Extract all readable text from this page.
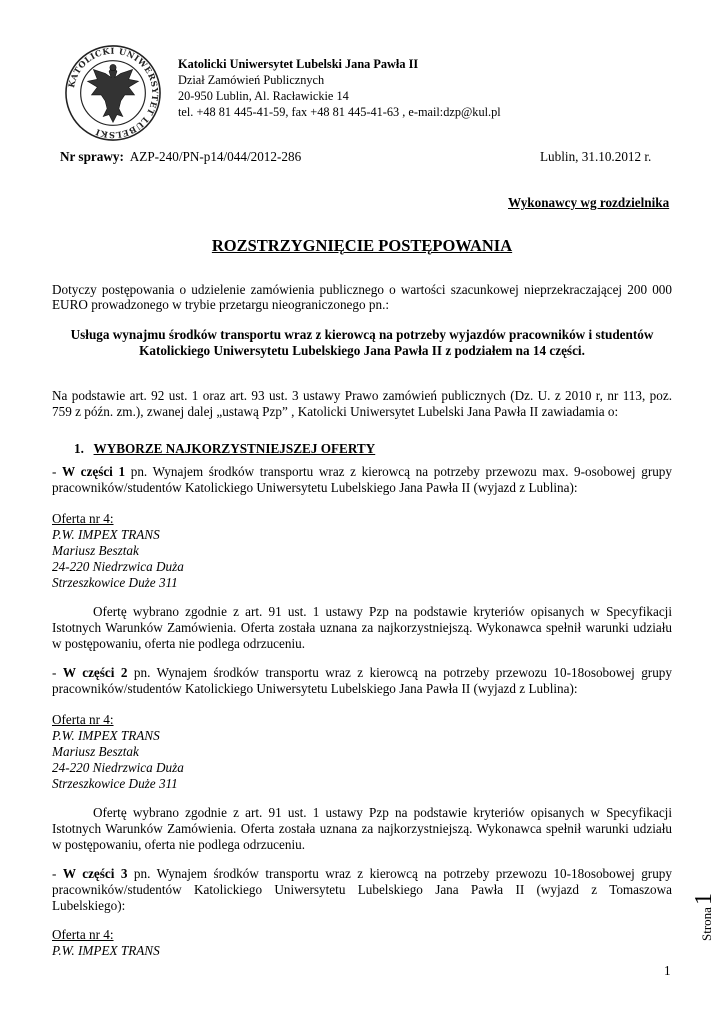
KATOLICKI UNIWERSYTET LUBELSKI
Katolicki Uniwersytet Lubelski Jana Pawła II
Dział Zamówień Publicznych
20-950 Lublin, Al. Racławickie 14
tel. +48 81 445-41-59, fax +48 81 445-41-63 , e-mail:dzp@kul.pl
Nr sprawy: AZP-240/PN-p14/044/2012-286	Lublin, 31.10.2012 r.
Wykonawcy wg rozdzielnika
ROZSTRZYGNIĘCIE POSTĘPOWANIA
Dotyczy postępowania o udzielenie zamówienia publicznego o wartości szacunkowej nieprzekraczającej 200 000
EURO prowadzonego w trybie przetargu nieograniczonego pn.:
Usługa wynajmu środków transportu wraz z kierowcą na potrzeby wyjazdów pracowników i studentów
Katolickiego Uniwersytetu Lubelskiego Jana Pawła II z podziałem na 14 części.
Na podstawie art. 92 ust. 1 oraz art. 93 ust. 3 ustawy Prawo zamówień publicznych (Dz. U. z 2010 r, nr 113, poz.
759 z późn. zm.), zwanej dalej „ustawą Pzp” , Katolicki Uniwersytet Lubelski Jana Pawła II zawiadamia o:
1. WYBORZE NAJKORZYSTNIEJSZEJ OFERTY
- W części 1 pn. Wynajem środków transportu wraz z kierowcą na potrzeby przewozu max. 9-osobowej grupy
pracowników/studentów Katolickiego Uniwersytetu Lubelskiego Jana Pawła II (wyjazd z Lublina):
Oferta nr 4:
P.W. IMPEX TRANS
Mariusz Besztak
24-220 Niedrzwica Duża
Strzeszkowice Duże 311
Ofertę wybrano zgodnie z art. 91 ust. 1 ustawy Pzp na podstawie kryteriów opisanych w Specyfikacji
Istotnych Warunków Zamówienia. Oferta została uznana za najkorzystniejszą. Wykonawca spełnił warunki udziału
w postępowaniu, oferta nie podlega odrzuceniu.
- W części 2 pn. Wynajem środków transportu wraz z kierowcą na potrzeby przewozu 10-18osobowej grupy
pracowników/studentów Katolickiego Uniwersytetu Lubelskiego Jana Pawła II (wyjazd z Lublina):
Oferta nr 4:
P.W. IMPEX TRANS
Mariusz Besztak
24-220 Niedrzwica Duża
Strzeszkowice Duże 311
Ofertę wybrano zgodnie z art. 91 ust. 1 ustawy Pzp na podstawie kryteriów opisanych w Specyfikacji
Istotnych Warunków Zamówienia. Oferta została uznana za najkorzystniejszą. Wykonawca spełnił warunki udziału
w postępowaniu, oferta nie podlega odrzuceniu.
- W części 3 pn. Wynajem środków transportu wraz z kierowcą na potrzeby przewozu 10-18osobowej grupy
pracowników/studentów Katolickiego Uniwersytetu Lubelskiego Jana Pawła II (wyjazd z Tomaszowa
Lubelskiego):
Oferta nr 4:
P.W. IMPEX TRANS
Strona1
1
